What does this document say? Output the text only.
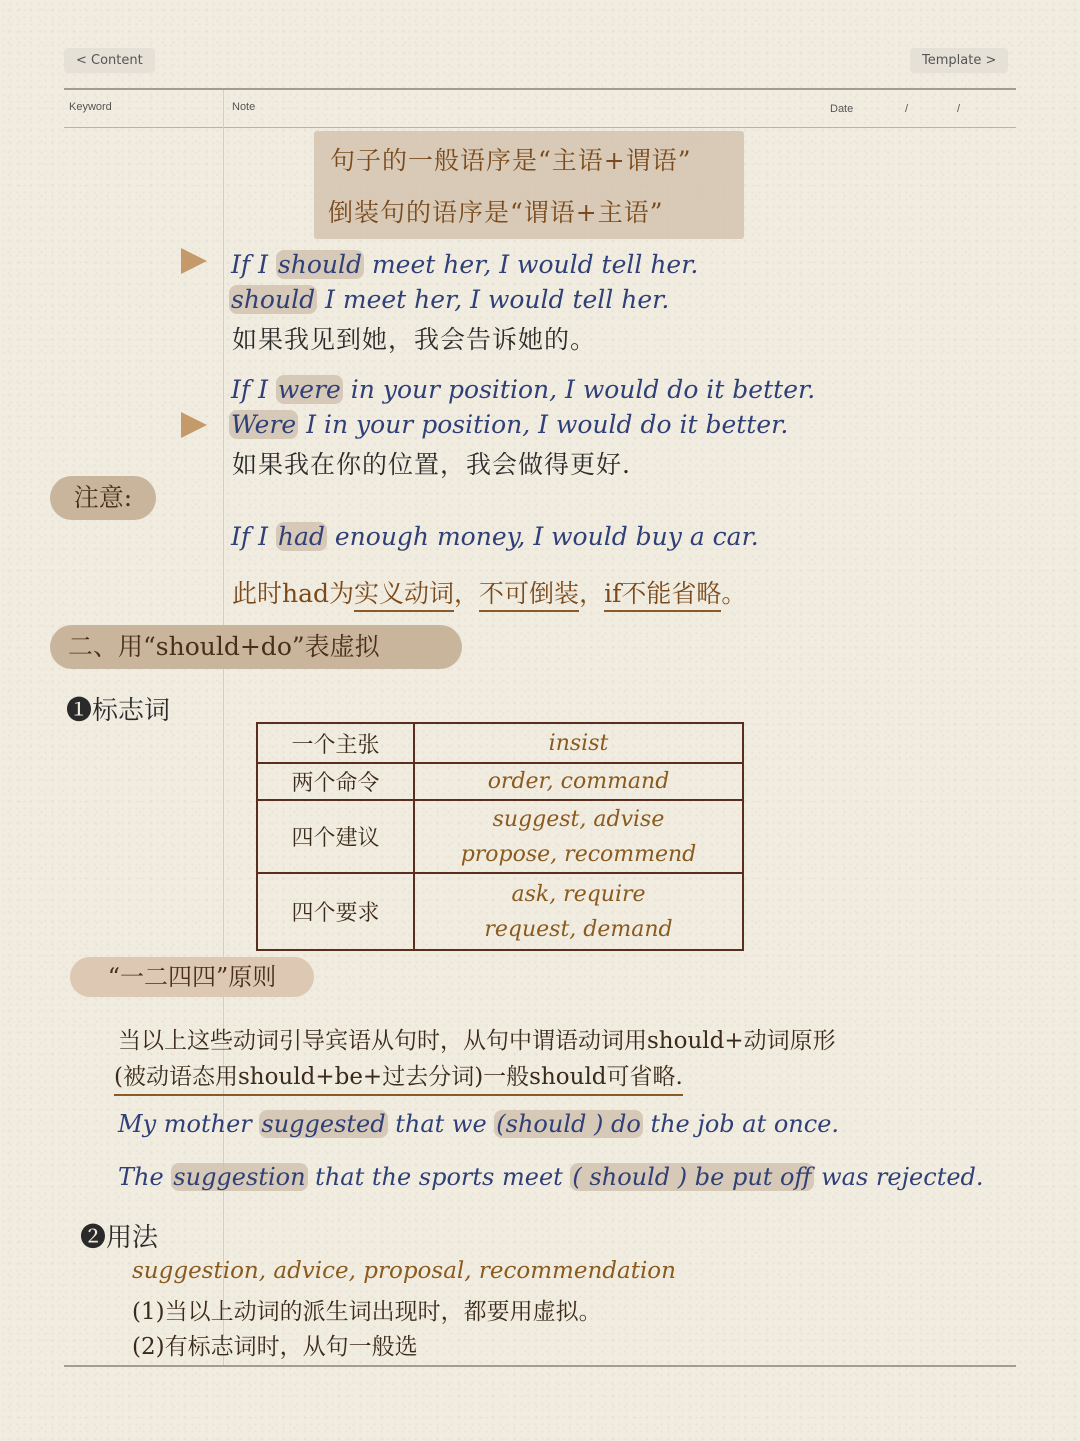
< Content	Template >
Keyword	Note	Date	/	/
句子的一般语序是“主语+谓语”
倒装句的语序是“谓语+主语”
If I should meet her, I would tell her.
should I meet her, I would tell her.
如果我见到她，我会告诉她的。
If I were in your position, I would do it better.
Were I in your position, I would do it better.
如果我在你的位置，我会做得更好.
注意:
If I had enough money, I would buy a car.
此时had为实义动词，不可倒装，if不能省略。
二、用“should+do”表虚拟
❶标志词
一个主张	insist
两个命令	order, command
四个建议	suggest, advise
propose, recommend

四个要求	ask, require
request, demand
“一二四四”原则
当以上这些动词引导宾语从句时，从句中谓语动词用should+动词原形
(被动语态用should+be+过去分词)一般should可省略.
My mother suggested that we (should ) do the job at once.
The suggestion that the sports meet ( should ) be put off was rejected.
❷用法
suggestion, advice, proposal, recommendation
(1)当以上动词的派生词出现时，都要用虚拟。
(2)有标志词时，从句一般选
